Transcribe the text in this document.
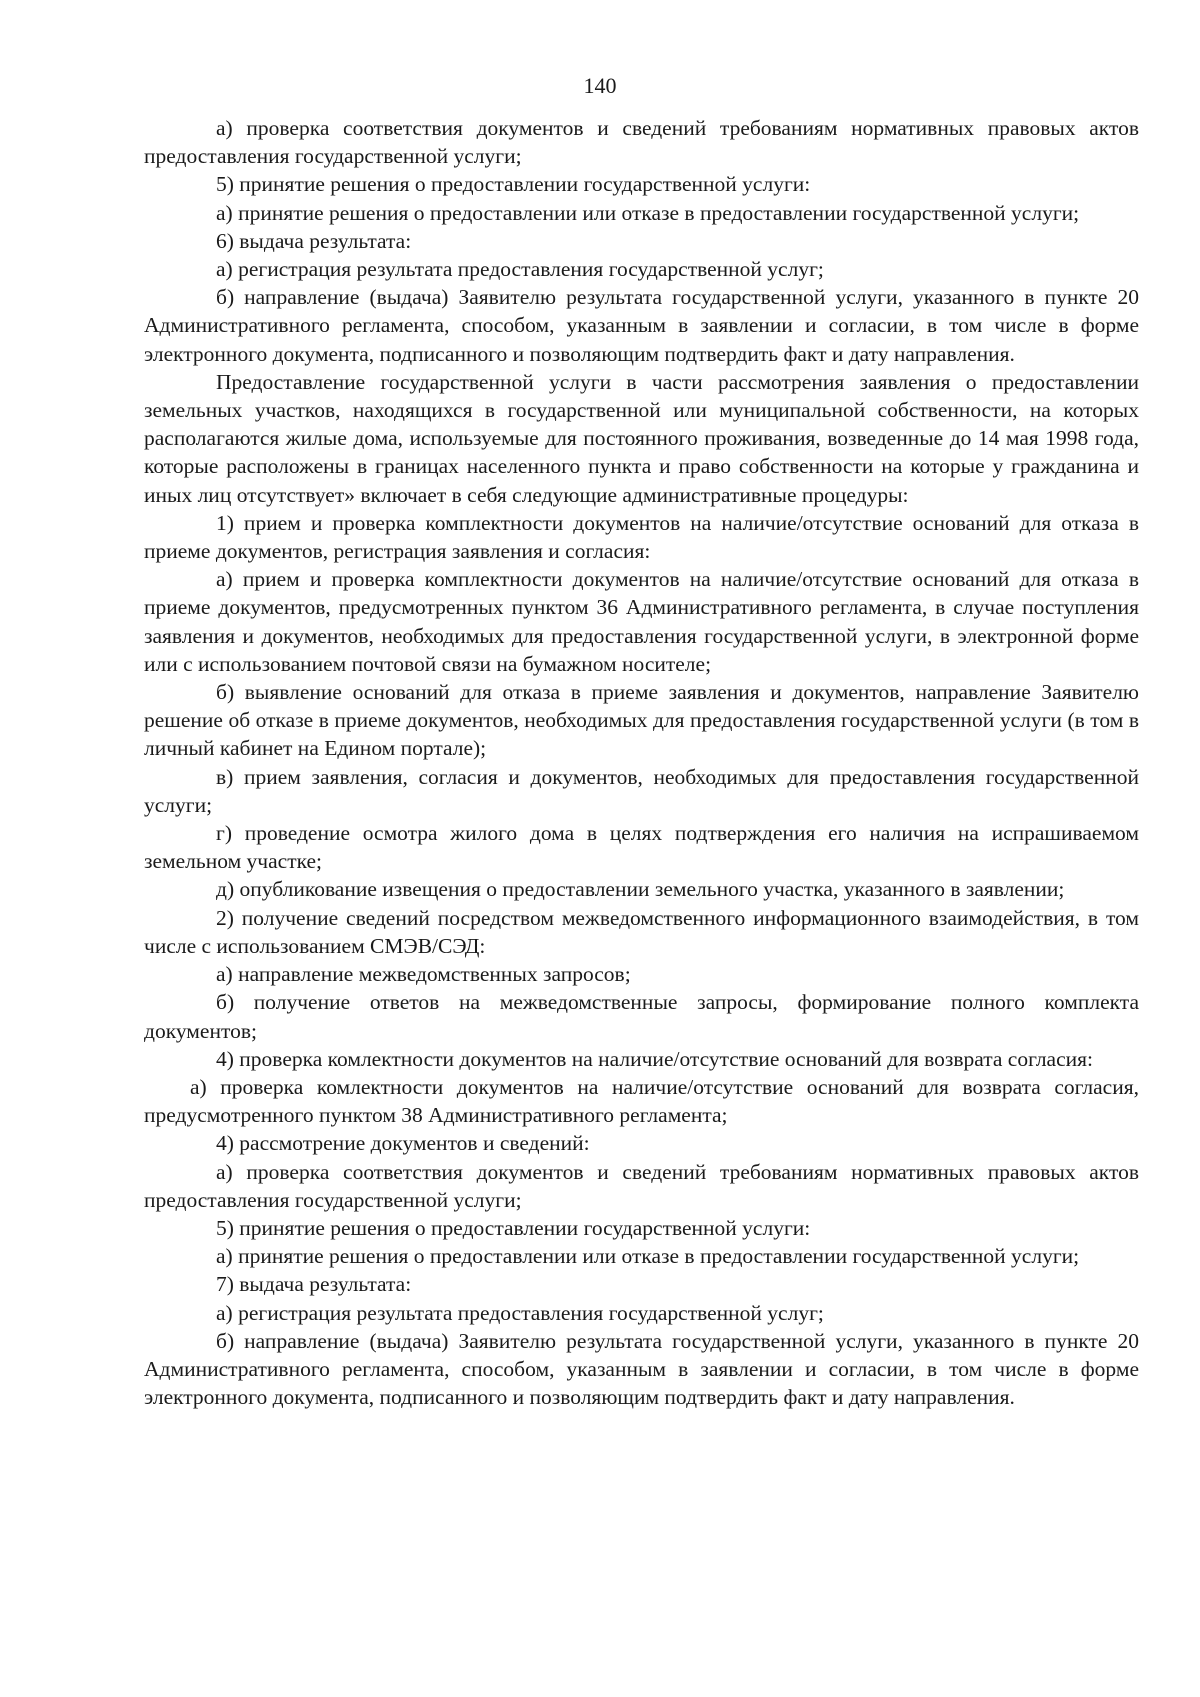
140

а) проверка соответствия документов и сведений требованиям нормативных правовых актов предоставления государственной услуги;

5) принятие решения о предоставлении государственной услуги:

а) принятие решения о предоставлении или отказе в предоставлении государственной услуги;

6) выдача результата:

а) регистрация результата предоставления государственной услуг;

б) направление (выдача) Заявителю результата государственной услуги, указанного в пункте 20 Административного регламента, способом, указанным в заявлении и согласии, в том числе в форме электронного документа, подписанного и позволяющим подтвердить факт и дату направления.

Предоставление государственной услуги в части рассмотрения заявления о предоставлении земельных участков, находящихся в государственной или муниципальной собственности, на которых располагаются жилые дома, используемые для постоянного проживания, возведенные до 14 мая 1998 года, которые расположены в границах населенного пункта и право собственности на которые у гражданина и иных лиц отсутствует» включает в себя следующие административные процедуры:

1) прием и проверка комплектности документов на наличие/отсутствие оснований для отказа в приеме документов, регистрация заявления и согласия:

а) прием и проверка комплектности документов на наличие/отсутствие оснований для отказа в приеме документов, предусмотренных пунктом 36 Административного регламента, в случае поступления заявления и документов, необходимых для предоставления государственной услуги, в электронной форме или с использованием почтовой связи на бумажном носителе;

б) выявление оснований для отказа в приеме заявления и документов, направление Заявителю решение об отказе в приеме документов, необходимых для предоставления государственной услуги (в том в личный кабинет на Едином портале);

в) прием заявления, согласия и документов, необходимых для предоставления государственной услуги;

г) проведение осмотра жилого дома в целях подтверждения его наличия на испрашиваемом земельном участке;

д) опубликование извещения о предоставлении земельного участка, указанного в заявлении;

2) получение сведений посредством межведомственного информационного взаимодействия, в том числе с использованием СМЭВ/СЭД:

а) направление межведомственных запросов;

б) получение ответов на межведомственные запросы, формирование полного комплекта документов;

4) проверка комлектности документов на наличие/отсутствие оснований для возврата согласия:

а) проверка комлектности документов на наличие/отсутствие оснований для возврата согласия, предусмотренного пунктом 38 Административного регламента;

4) рассмотрение документов и сведений:

а) проверка соответствия документов и сведений требованиям нормативных правовых актов предоставления государственной услуги;

5) принятие решения о предоставлении государственной услуги:

а) принятие решения о предоставлении или отказе в предоставлении государственной услуги;

7) выдача результата:

а) регистрация результата предоставления государственной услуг;

б) направление (выдача) Заявителю результата государственной услуги, указанного в пункте 20 Административного регламента, способом, указанным в заявлении и согласии, в том числе в форме электронного документа, подписанного и позволяющим подтвердить факт и дату направления.
